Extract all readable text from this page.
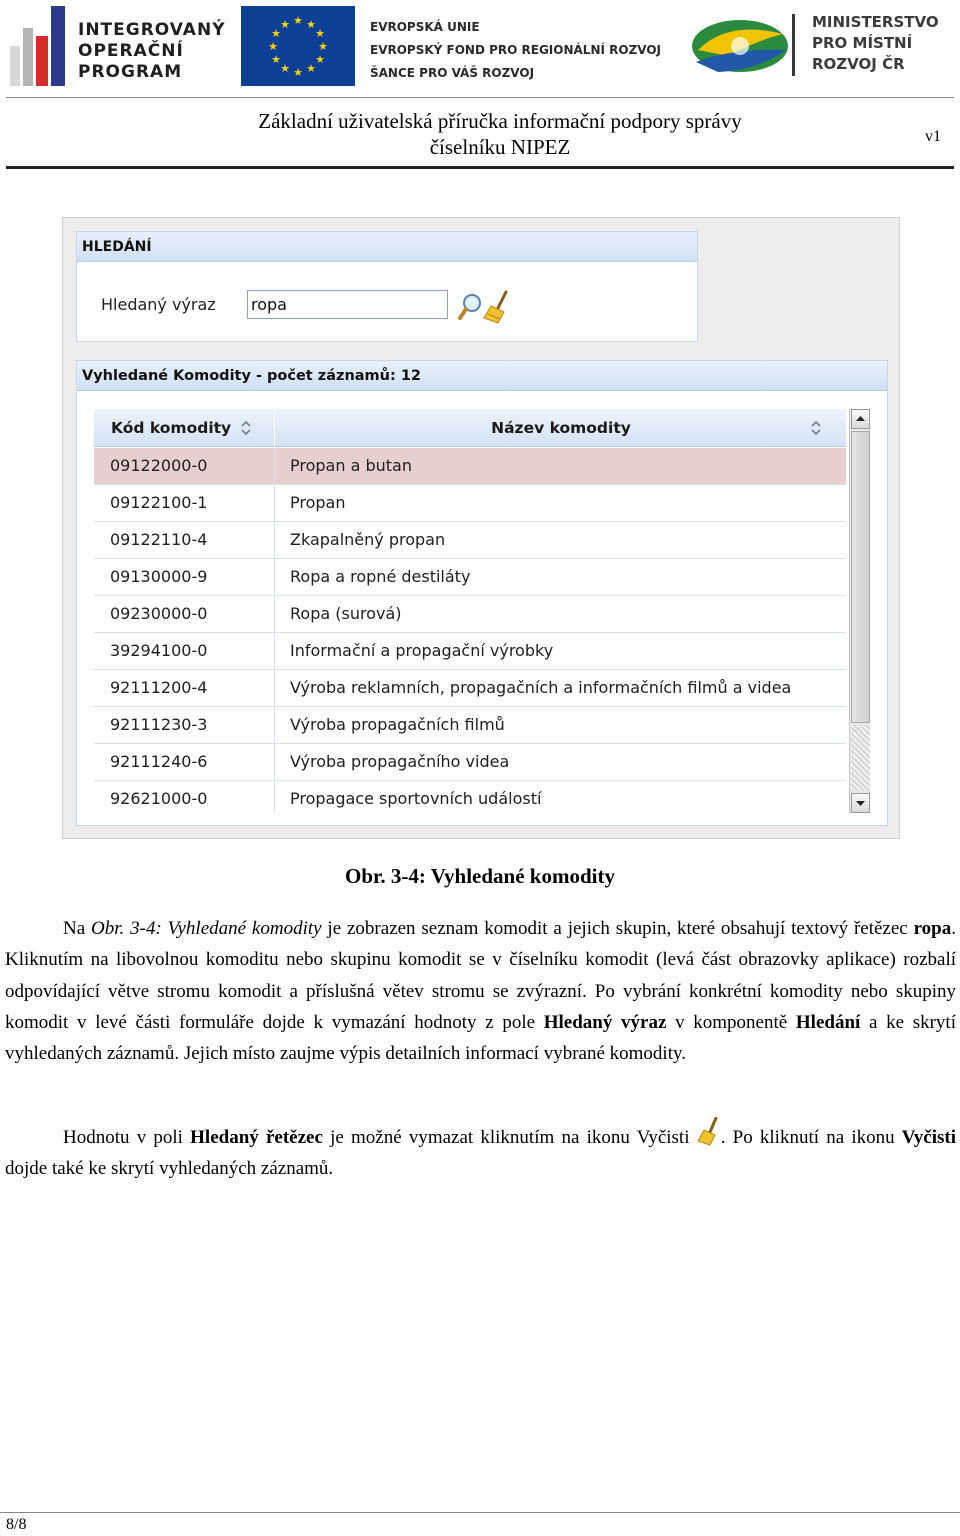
INTEGROVANÝ
OPERAČNÍ
PROGRAM
★ ★
★
★
★
★
★
★
★
★
★
★	EVROPSKÁ UNIE
EVROPSKÝ FOND PRO REGIONÁLNÍ ROZVOJ
ŠANCE PRO VÁŠ ROZVOJ
MINISTERSTVO
PRO MÍSTNÍ
ROZVOJ ČR
Základní uživatelská příručka informační podpory správy
číselníku NIPEZ	v1
HLEDÁNÍ
Hledaný výraz
ropa
Vyhledané Komodity - počet záznamů: 12
Kód komodity	Název komodity
09122000-0	Propan a butan
09122100-1	Propan
09122110-4	Zkapalněný propan
09130000-9	Ropa a ropné destiláty
09230000-0	Ropa (surová)
39294100-0	Informační a propagační výrobky
92111200-4	Výroba reklamních, propagačních a informačních filmů a videa
92111230-3	Výroba propagačních filmů
92111240-6	Výroba propagačního videa
92621000-0	Propagace sportovních událostí
Obr. 3-4: Vyhledané komodity

Na Obr. 3-4: Vyhledané komodity je zobrazen seznam komodit a jejich skupin, které obsahují textový řetězec ropa. Kliknutím na libovolnou komoditu nebo skupinu komodit se v číselníku komodit (levá část obrazovky aplikace) rozbalí odpovídající větve stromu komodit a příslušná větev stromu se zvýrazní. Po vybrání konkrétní komodity nebo skupiny komodit v levé části formuláře dojde k vymazání hodnoty z pole Hledaný výraz v komponentě Hledání a ke skrytí vyhledaných záznamů. Jejich místo zaujme výpis detailních informací vybrané komodity.

Hodnotu v poli Hledaný řetězec je možné vymazat kliknutím na ikonu Vyčisti . Po kliknutí na ikonu Vyčisti dojde také ke skrytí vyhledaných záznamů.

8/8
